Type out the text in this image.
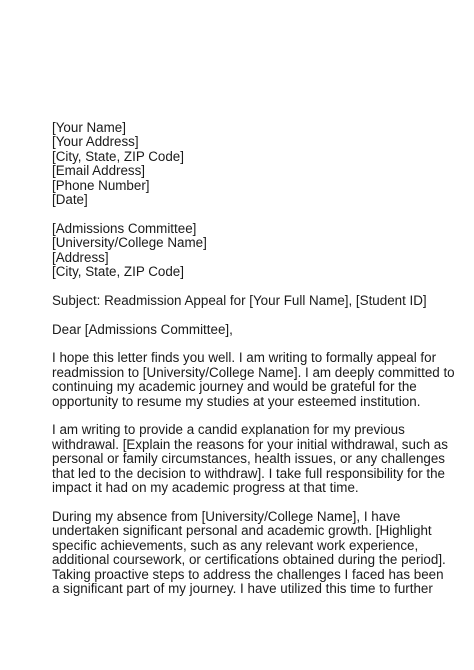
[Your Name]
[Your Address]
[City, State, ZIP Code]
[Email Address]
[Phone Number]
[Date]
[Admissions Committee]
[University/College Name]
[Address]
[City, State, ZIP Code]
Subject: Readmission Appeal for [Your Full Name], [Student ID]
Dear [Admissions Committee],
I hope this letter finds you well. I am writing to formally appeal for
readmission to [University/College Name]. I am deeply committed to
continuing my academic journey and would be grateful for the
opportunity to resume my studies at your esteemed institution.
I am writing to provide a candid explanation for my previous
withdrawal. [Explain the reasons for your initial withdrawal, such as
personal or family circumstances, health issues, or any challenges
that led to the decision to withdraw]. I take full responsibility for the
impact it had on my academic progress at that time.
During my absence from [University/College Name], I have
undertaken significant personal and academic growth. [Highlight
specific achievements, such as any relevant work experience,
additional coursework, or certifications obtained during the period].
Taking proactive steps to address the challenges I faced has been
a significant part of my journey. I have utilized this time to further
